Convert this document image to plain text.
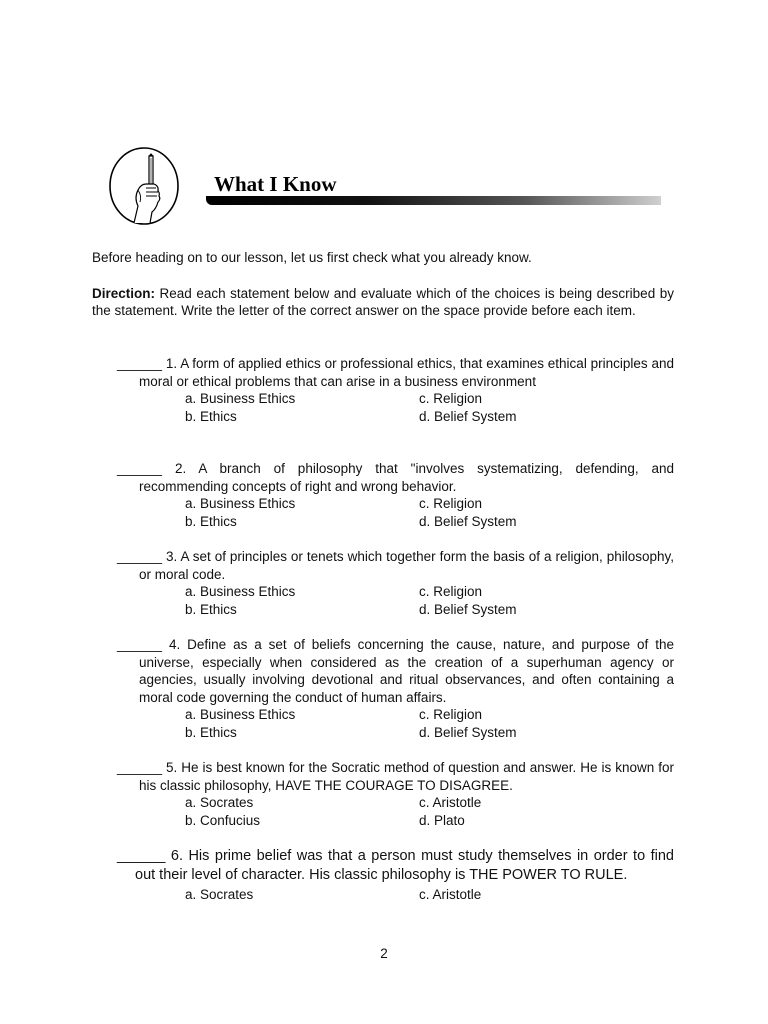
What I Know
Before heading on to our lesson, let us first check what you already know.
Direction: Read each statement below and evaluate which of the choices is being described by the statement. Write the letter of the correct answer on the space provide before each item.
______ 1. A form of applied ethics or professional ethics, that examines ethical principles and moral or ethical problems that can arise in a business environment
a. Business Ethics	c. Religion
b. Ethics	d. Belief System
______ 2. A branch of philosophy that "involves systematizing, defending, and recommending concepts of right and wrong behavior.
a. Business Ethics	c. Religion
b. Ethics	d. Belief System
______ 3. A set of principles or tenets which together form the basis of a religion, philosophy, or moral code.
a. Business Ethics	c. Religion
b. Ethics	d. Belief System
______ 4. Define as a set of beliefs concerning the cause, nature, and purpose of the universe, especially when considered as the creation of a superhuman agency or agencies, usually involving devotional and ritual observances, and often containing a moral code governing the conduct of human affairs.
a. Business Ethics	c. Religion
b. Ethics	d. Belief System
______ 5. He is best known for the Socratic method of question and answer. He is known for his classic philosophy, HAVE THE COURAGE TO DISAGREE.
a. Socrates	c. Aristotle
b. Confucius	d. Plato
______ 6. His prime belief was that a person must study themselves in order to find out their level of character. His classic philosophy is THE POWER TO RULE.
a. Socrates	c. Aristotle
2
